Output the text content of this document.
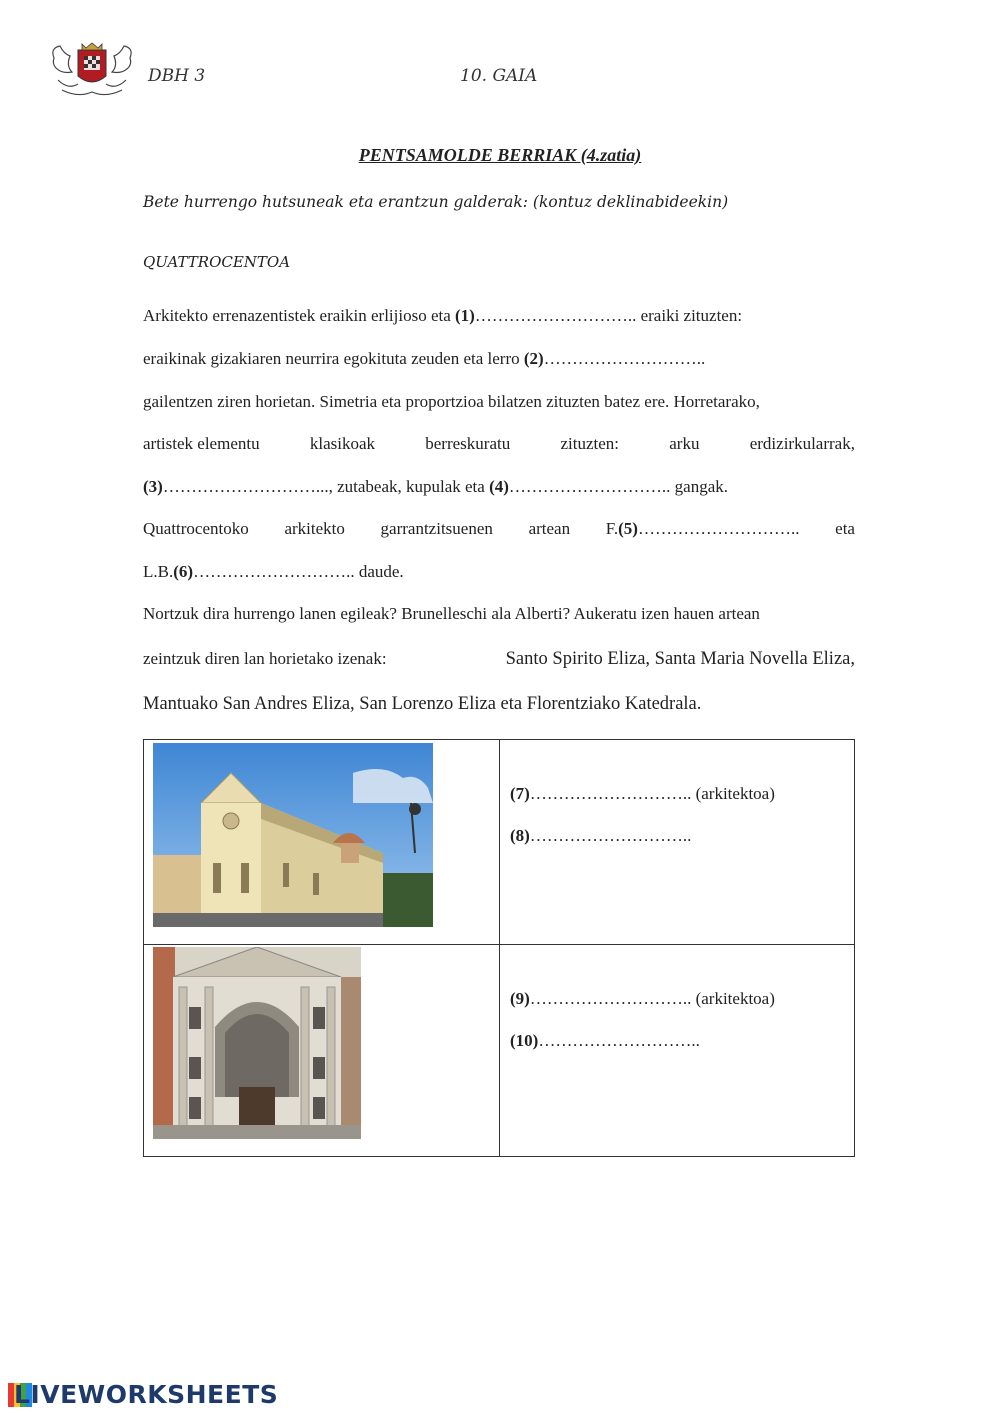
DBH 3	10. GAIA
PENTSAMOLDE BERRIAK (4.zatia)
Bete hurrengo hutsuneak eta erantzun galderak: (kontuz deklinabideekin)
QUATTROCENTOA
Arkitekto errenazentistek eraikin erlijioso eta (1)……………………….. eraiki zituzten:
eraikinak gizakiaren neurrira egokituta zeuden eta lerro (2)………………………..
gailentzen ziren horietan. Simetria eta proportzioa bilatzen zituzten batez ere. Horretarako,
artistek elementu	klasikoak	berreskuratu	zituzten:	arku	erdizirkularrak,
(3)………………………..., zutabeak, kupulak eta (4)……………………….. gangak.
Quattrocentoko arkitekto garrantzitsuenen artean F.(5)……………………….. eta
L.B.(6)……………………….. daude.
Nortzuk dira hurrengo lanen egileak? Brunelleschi ala Alberti? Aukeratu izen hauen artean
zeintzuk diren lan horietako izenak:	Santo Spirito Eliza, Santa Maria Novella Eliza,
Mantuako San Andres Eliza, San Lorenzo Eliza eta Florentziako Katedrala.

(7)……………………….. (arkitektoa)
(8)………………………..

(9)……………………….. (arkitektoa)
(10)………………………..
LIVEWORKSHEETS
